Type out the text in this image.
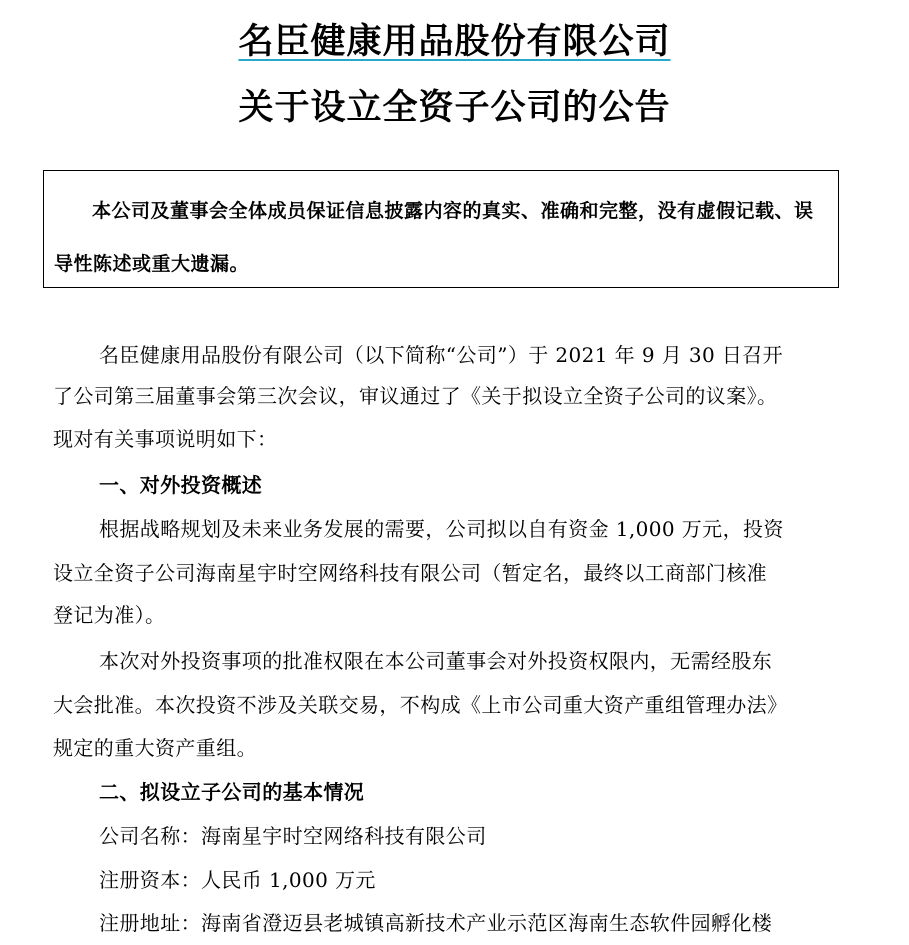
名臣健康用品股份有限公司
关于设立全资子公司的公告
本公司及董事会全体成员保证信息披露内容的真实、准确和完整，没有虚假记载、误导性陈述或重大遗漏。
名臣健康用品股份有限公司（以下简称“公司”）于 2021 年 9 月 30 日召开
了公司第三届董事会第三次会议，审议通过了《关于拟设立全资子公司的议案》。
现对有关事项说明如下：
一、对外投资概述
根据战略规划及未来业务发展的需要，公司拟以自有资金 1,000 万元，投资
设立全资子公司海南星宇时空网络科技有限公司（暂定名，最终以工商部门核准
登记为准）。
本次对外投资事项的批准权限在本公司董事会对外投资权限内，无需经股东
大会批准。本次投资不涉及关联交易，不构成《上市公司重大资产重组管理办法》
规定的重大资产重组。
二、拟设立子公司的基本情况
公司名称：海南星宇时空网络科技有限公司
注册资本：人民币 1,000 万元
注册地址：海南省澄迈县老城镇高新技术产业示范区海南生态软件园孵化楼
